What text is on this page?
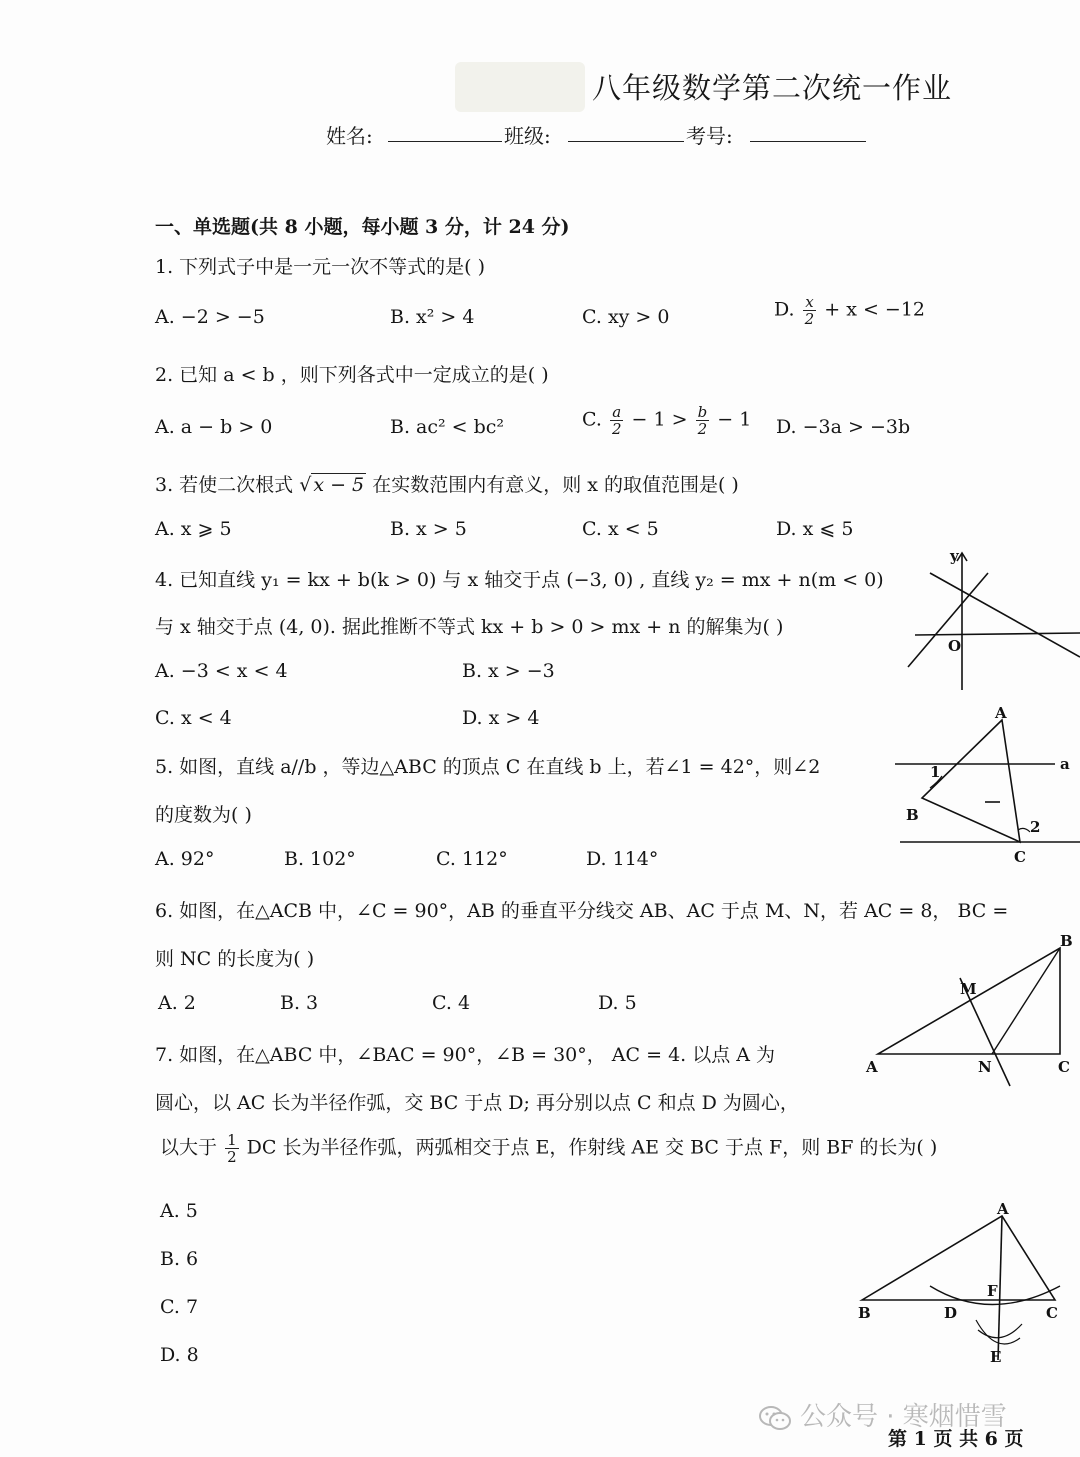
八年级数学第二次统一作业
姓名:	班级:	考号:
一、单选题(共 8 小题，每小题 3 分，计 24 分)
1. 下列式子中是一元一次不等式的是( )
A. −2 > −5	B. x² > 4	C. xy > 0	D. $\frac{x}{2} + x < -12$
2. 已知 a < b ，则下列各式中一定成立的是( )
A. a − b > 0	B. ac² < bc²	C. $\frac{a}{2} - 1 > \frac{b}{2} - 1$ D. −3a > −3b
3. 若使二次根式 √ x − 5 在实数范围内有意义，则 x 的取值范围是( )
A. x ⩾ 5	B. x > 5	C. x < 5	D. x ⩽ 5
4. 已知直线 y₁ = kx + b(k > 0) 与 x 轴交于点 (−3, 0) , 直线 y₂ = mx + n(m < 0)
与 x 轴交于点 (4, 0). 据此推断不等式 kx + b > 0 > mx + n 的解集为( )
A. −3 < x < 4	B. x > −3
C. x < 4	D. x > 4
y
O
5. 如图，直线 a//b ，等边△ABC 的顶点 C 在直线 b 上，若∠1 = 42°，则∠2
的度数为( )
A. 92°	B. 102°	C. 112°	D. 114°
A
a
1
B
2
C
6. 如图，在△ACB 中，∠C = 90°，AB 的垂直平分线交 AB、AC 于点 M、N，若 AC = 8， BC =
则 NC 的长度为( )
A. 2	B. 3	C. 4	D. 5
B
M
A	N	C
7. 如图，在△ABC 中，∠BAC = 90°，∠B = 30°， AC = 4. 以点 A 为
圆心，以 AC 长为半径作弧，交 BC 于点 D; 再分别以点 C 和点 D 为圆心，
以大于 $\frac{1}{2}$ DC 长为半径作弧，两弧相交于点 E，作射线 AE 交 BC 于点 F，则 BF 的长为( )
A. 5
B. 6
C. 7
D. 8
A
F
B	D	C
E
公众号 · 寒烟惜雪
第 1 页 共 6 页
